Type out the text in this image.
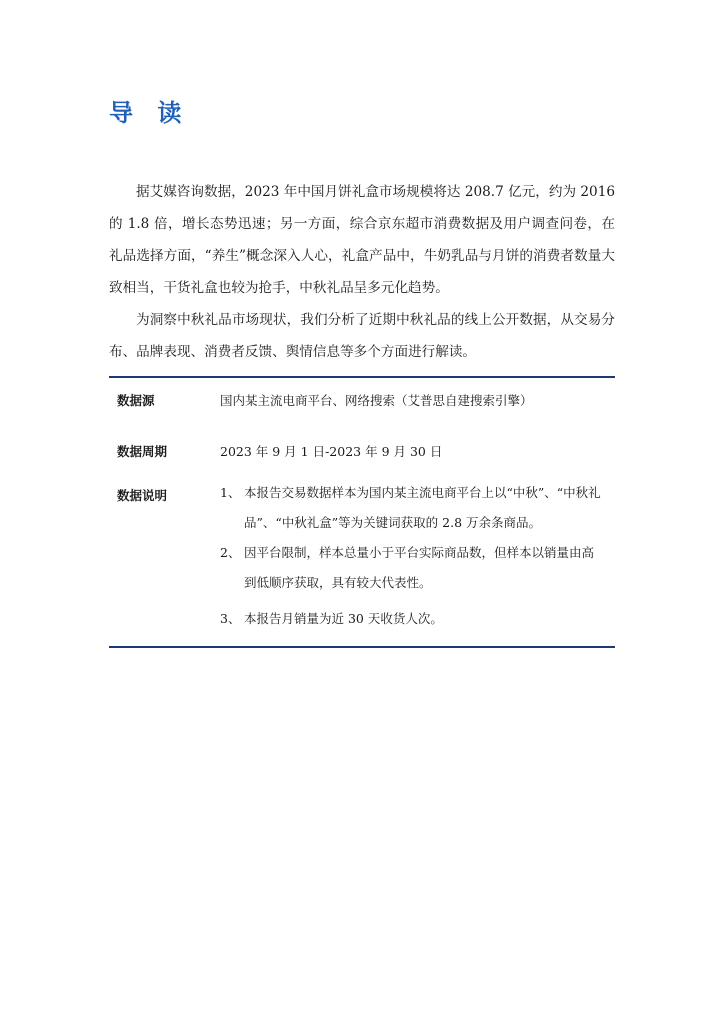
导 读

据艾媒咨询数据，2023 年中国月饼礼盒市场规模将达 208.7 亿元，约为 2016 的 1.8 倍，增长态势迅速；另一方面，综合京东超市消费数据及用户调查问卷，在礼品选择方面，“养生”概念深入人心，礼盒产品中，牛奶乳品与月饼的消费者数量大致相当，干货礼盒也较为抢手，中秋礼品呈多元化趋势。

为洞察中秋礼品市场现状，我们分析了近期中秋礼品的线上公开数据，从交易分布、品牌表现、消费者反馈、舆情信息等多个方面进行解读。

数据源	国内某主流电商平台、网络搜索（艾普思自建搜索引擎）
数据周期	2023 年 9 月 1 日-2023 年 9 月 30 日
数据说明	1、 本报告交易数据样本为国内某主流电商平台上以“中秋”、“中秋礼品”、“中秋礼盒”等为关键词获取的 2.8 万余条商品。
2、 因平台限制，样本总量小于平台实际商品数，但样本以销量由高到低顺序获取，具有较大代表性。
3、 本报告月销量为近 30 天收货人次。
